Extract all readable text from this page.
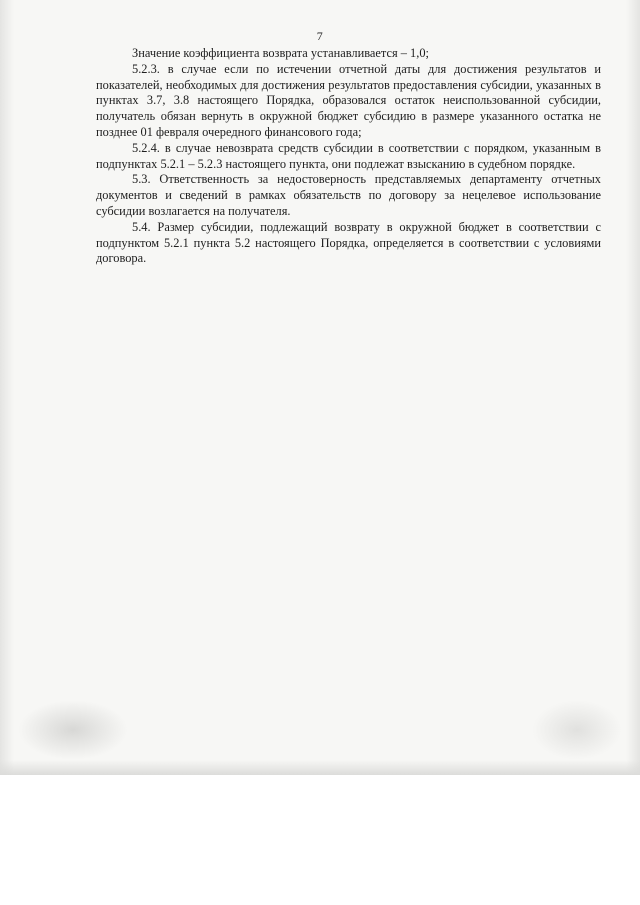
7

Значение коэффициента возврата устанавливается – 1,0;

5.2.3. в случае если по истечении отчетной даты для достижения результатов и показателей, необходимых для достижения результатов предоставления субсидии, указанных в пунктах 3.7, 3.8 настоящего Порядка, образовался остаток неиспользованной субсидии, получатель обязан вернуть в окружной бюджет субсидию в размере указанного остатка не позднее 01 февраля очередного финансового года;

5.2.4. в случае невозврата средств субсидии в соответствии с порядком, указанным в подпунктах 5.2.1 – 5.2.3 настоящего пункта, они подлежат взысканию в судебном порядке.

5.3. Ответственность за недостоверность представляемых департаменту отчетных документов и сведений в рамках обязательств по договору за нецелевое использование субсидии возлагается на получателя.

5.4. Размер субсидии, подлежащий возврату в окружной бюджет в соответствии с подпунктом 5.2.1 пункта 5.2 настоящего Порядка, определяется в соответствии с условиями договора.
